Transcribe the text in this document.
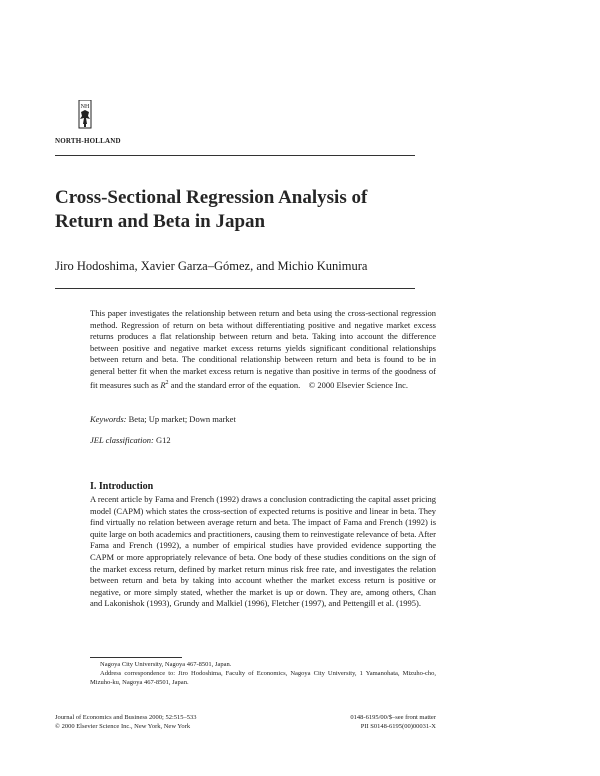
NH
NORTH-HOLLAND
Cross-Sectional Regression Analysis of
Return and Beta in Japan
Jiro Hodoshima, Xavier Garza–Gómez, and Michio Kunimura

This paper investigates the relationship between return and beta using the cross-sectional regression method. Regression of return on beta without differentiating positive and negative market excess returns produces a flat relationship between return and beta. Taking into account the difference between positive and negative market excess returns yields significant conditional relationships between return and beta. The conditional relationship between return and beta is found to be in general better fit when the market excess return is negative than positive in terms of the goodness of fit measures such as $R^2$ and the standard error of the equation. © 2000 Elsevier Science Inc.

Keywords: Beta; Up market; Down market
JEL classification: G12
I. Introduction

A recent article by Fama and French (1992) draws a conclusion contradicting the capital asset pricing model (CAPM) which states the cross-section of expected returns is positive and linear in beta. They find virtually no relation between average return and beta. The impact of Fama and French (1992) is quite large on both academics and practitioners, causing them to reinvestigate relevance of beta. After Fama and French (1992), a number of empirical studies have provided evidence supporting the CAPM or more appropriately relevance of beta. One body of these studies conditions on the sign of the market excess return, defined by market return minus risk free rate, and investigates the relation between return and beta by taking into account whether the market excess return is positive or negative, or more simply stated, whether the market is up or down. They are, among others, Chan and Lakonishok (1993), Grundy and Malkiel (1996), Fletcher (1997), and Pettengill et al. (1995).

Nagoya City University, Nagoya 467-8501, Japan.

Address correspondence to: Jiro Hodoshima, Faculty of Economics, Nagoya City University, 1 Yamanohata, Mizuho-cho, Mizuho-ku, Nagoya 467-8501, Japan.

Journal of Economics and Business 2000; 52:515–533
© 2000 Elsevier Science Inc., New York, New York
0148-6195/00/$–see front matter
PII S0148-6195(00)00031-X
